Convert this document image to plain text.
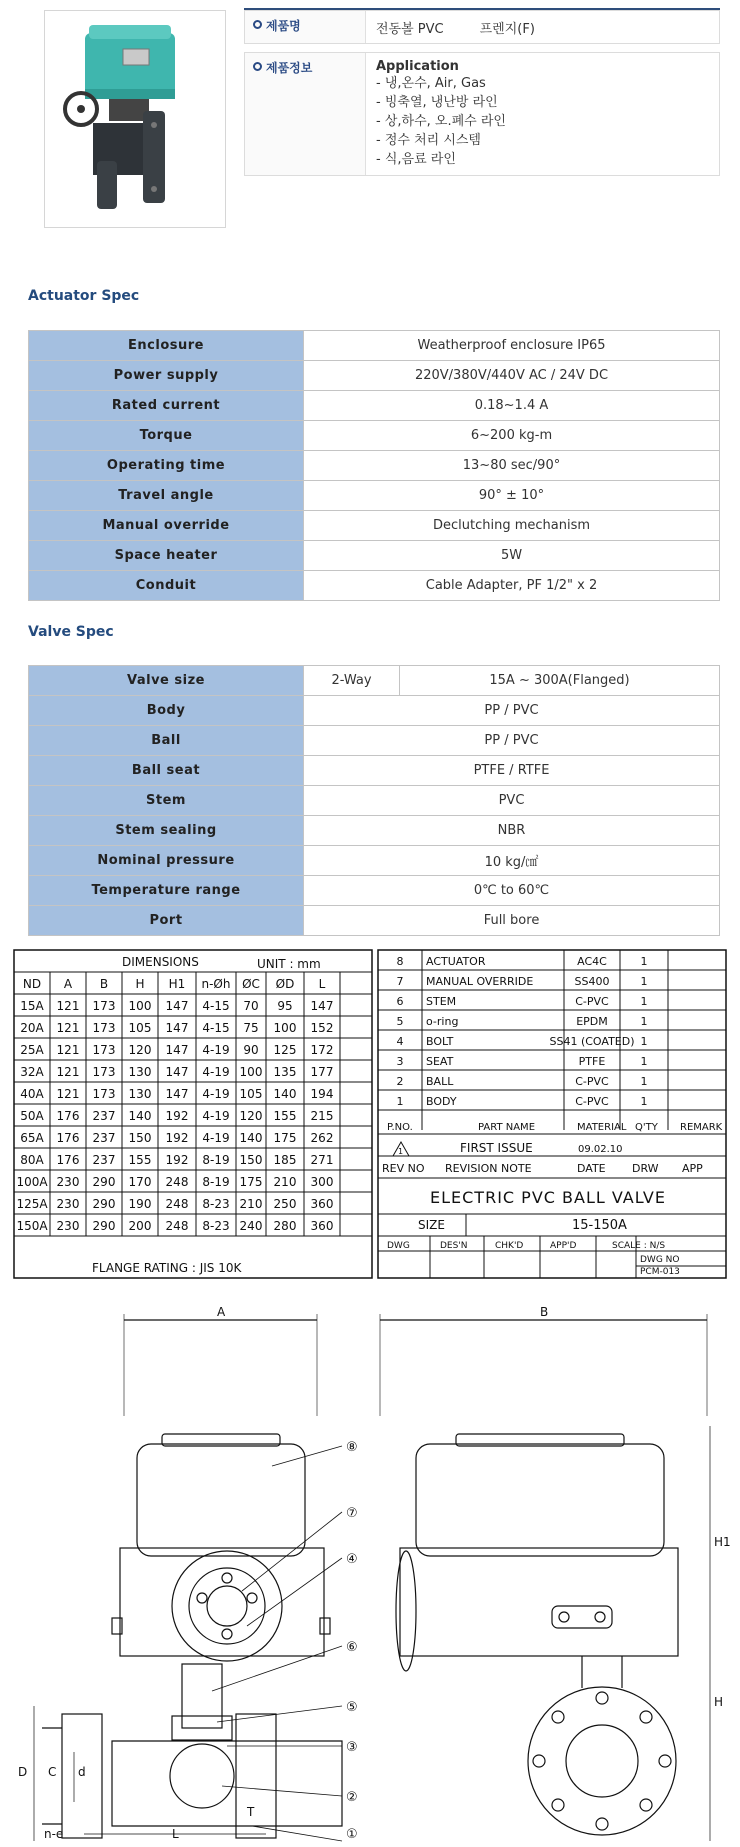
제품명	전동볼 PVC	프렌지(F)
제품정보	Application
- 냉,온수, Air, Gas
- 빙축열, 냉난방 라인
- 상,하수, 오.폐수 라인
- 정수 처리 시스템
- 식,음료 라인
Actuator Spec
Enclosure	Weatherproof enclosure IP65
Power supply	220V/380V/440V AC / 24V DC
Rated current	0.18~1.4 A
Torque	6~200 kg-m
Operating time	13~80 sec/90°
Travel angle	90° ± 10°
Manual override	Declutching mechanism
Space heater	5W
Conduit	Cable Adapter, PF 1/2" x 2
Valve Spec
Valve size	2-Way	15A ~ 300A(Flanged)
Body	PP / PVC	
Ball	PP / PVC	
Ball seat	PTFE / RTFE	
Stem	PVC	
Stem sealing	NBR	
Nominal pressure	10 kg/㎠	
Temperature range	0℃ to 60℃	
Port	Full bore	
DIMENSIONS	UNIT : mm
ND A B H H1 n-Øh ØC ØD L
15A 121 173 100 147 4-15 70 95 147
20A 121 173 105 147 4-15 75 100 152
25A 121 173 120 147 4-19 90 125 172
32A 121 173 130 147 4-19 100 135 177
40A 121 173 130 147 4-19 105 140 194
50A 176 237 140 192 4-19 120 155 215
65A 176 237 150 192 4-19 140 175 262
80A 176 237 155 192 8-19 150 185 271
100A 230 290 170 248 8-19 175 210 300
125A 230 290 190 248 8-23 210 250 360
150A 230 290 200 248 8-23 240 280 360
FLANGE RATING : JIS 10K
8 ACTUATOR	AC4C	1
7 MANUAL OVERRIDE	SS400	1
6 STEM	C-PVC	1
5 o-ring	EPDM	1
4 BOLT	SS41 (COATED) 1
3 SEAT	PTFE	1
2 BALL	C-PVC	1
1 BODY	C-PVC	1
P.NO.	PART NAME	MATERIAL Q'TY REMARK
1	FIRST ISSUE	09.02.10
REV NO REVISION NOTE	DATE DRW APP
ELECTRIC PVC BALL VALVE
SIZE	15-150A
DWG	DES'N	CHK'D	APP'D	SCALE : N/S
DWG NO
PCM-013
⑧
⑦
④
⑥
⑤
③
②
①
A	B
H1
H
D C d
L
T
n-e
